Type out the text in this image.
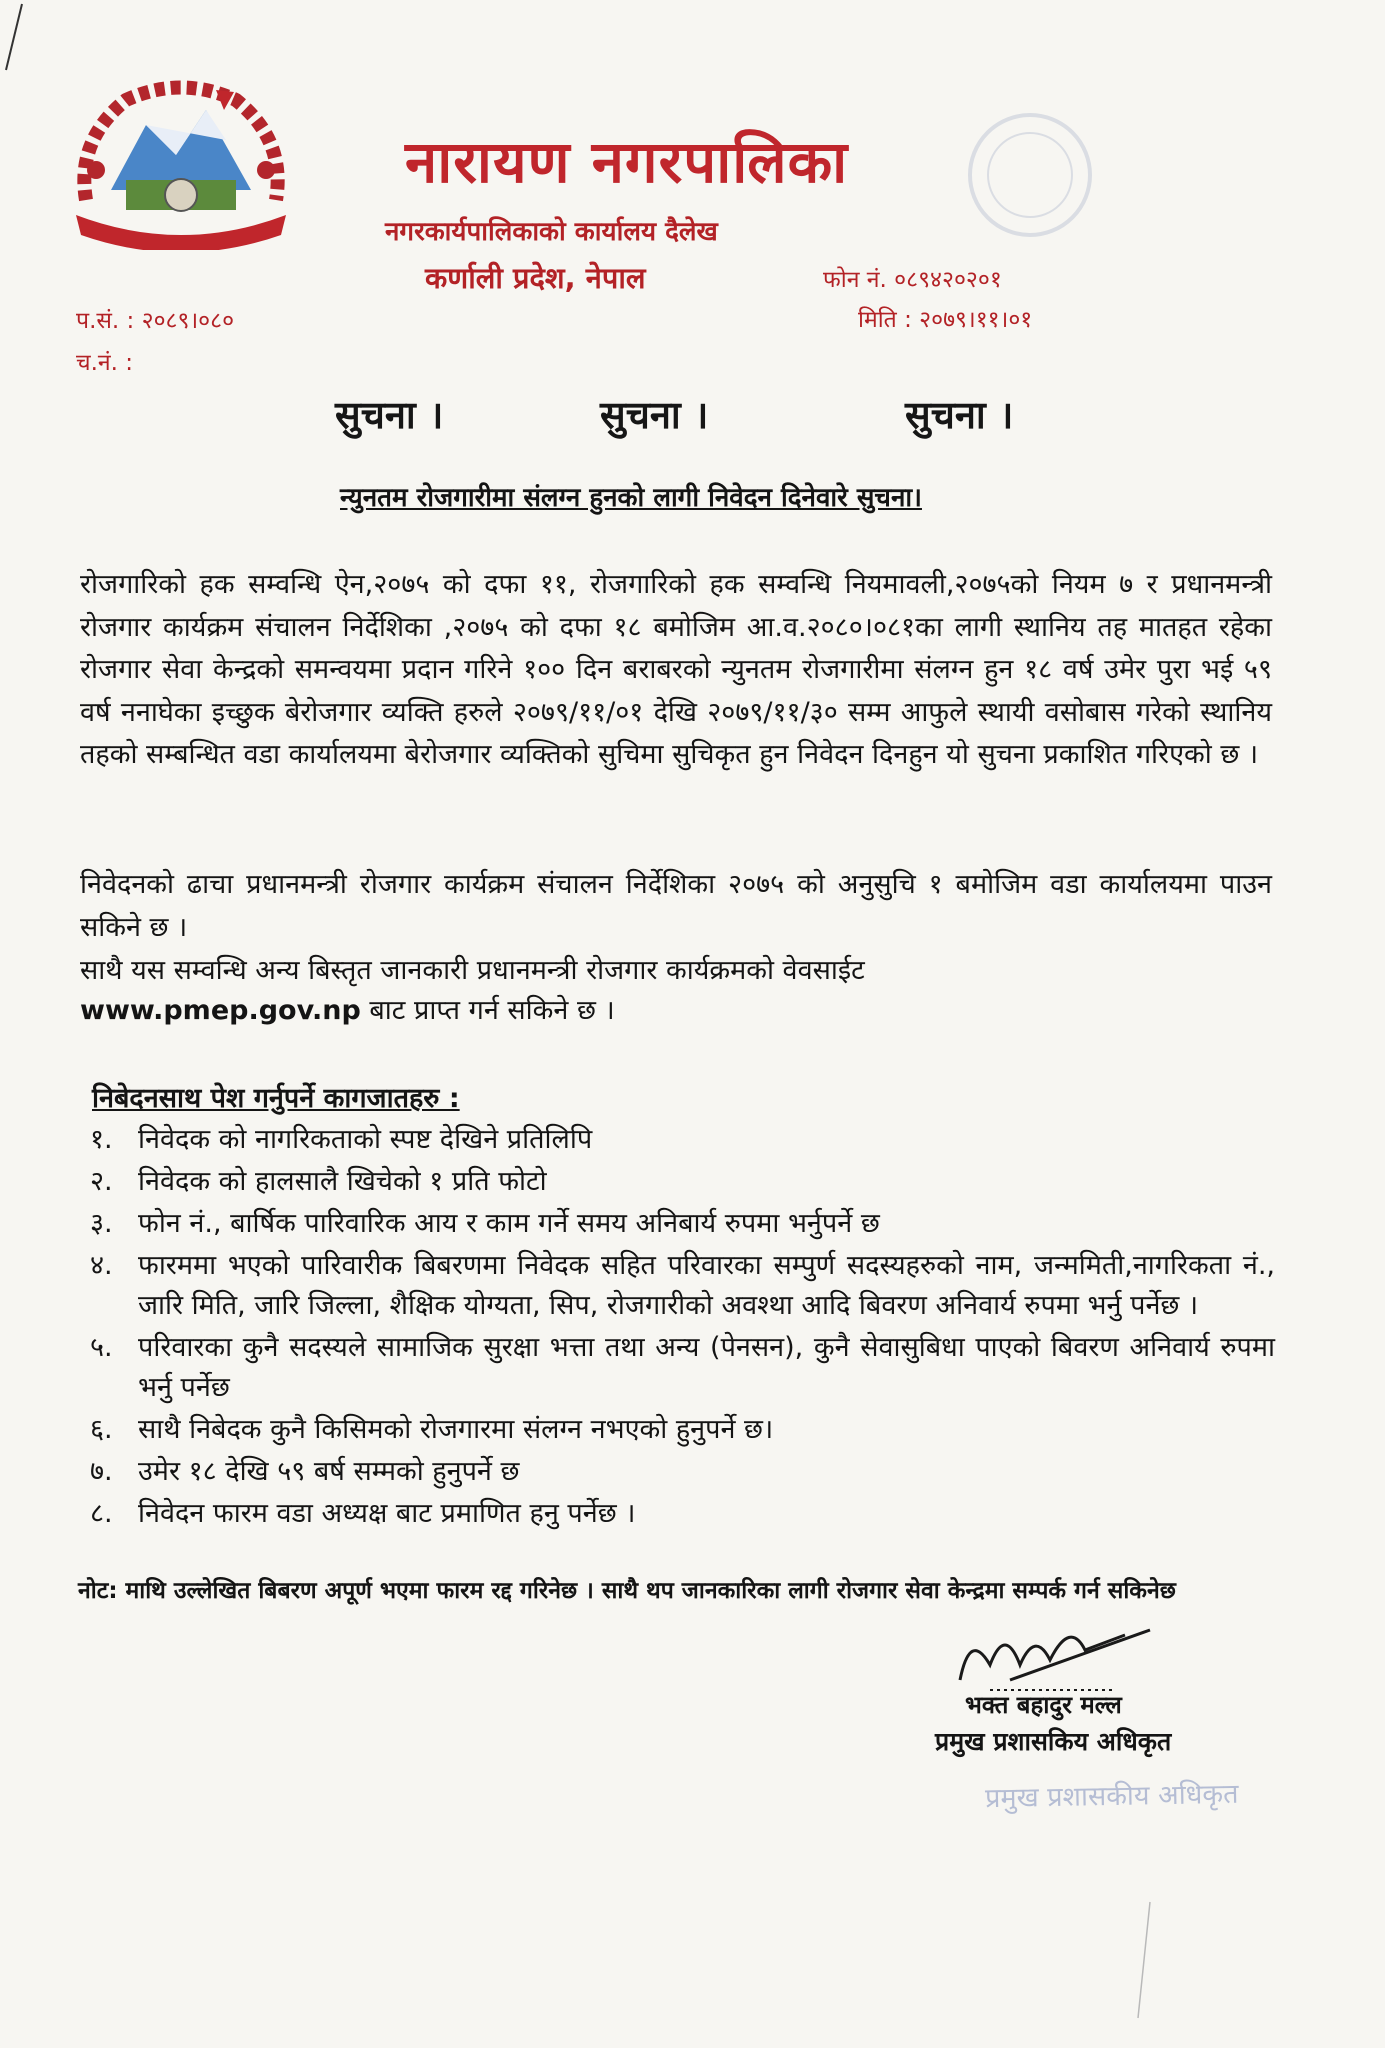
नारायण नगरपालिका
नगरकार्यपालिकाको कार्यालय दैलेख
कर्णाली प्रदेश, नेपाल	फोन नं. ०८९४२०२०१
मिति : २०७९।११।०१
प.सं. : २०८९।०८०
च.नं. :
सुचना ।	सुचना ।	सुचना ।
न्युनतम रोजगारीमा संलग्न हुनको लागी निवेदन दिनेवारे सुचना।
रोजगारिको हक सम्वन्धि ऐन,२०७५ को दफा ११, रोजगारिको हक सम्वन्धि नियमावली,२०७५को नियम ७ र प्रधानमन्त्री रोजगार कार्यक्रम संचालन निर्देशिका ,२०७५ को दफा १८ बमोजिम आ.व.२०८०।०८१का लागी स्थानिय तह मातहत रहेका रोजगार सेवा केन्द्रको समन्वयमा प्रदान गरिने १०० दिन बराबरको न्युनतम रोजगारीमा संलग्न हुन १८ वर्ष उमेर पुरा भई ५९ वर्ष ननाघेका इच्छुक बेरोजगार व्यक्ति हरुले २०७९/११/०१ देखि २०७९/११/३० सम्म आफुले स्थायी वसोबास गरेको स्थानिय तहको सम्बन्धित वडा कार्यालयमा बेरोजगार व्यक्तिको सुचिमा सुचिकृत हुन निवेदन दिनहुन यो सुचना प्रकाशित गरिएको छ ।
निवेदनको ढाचा प्रधानमन्त्री रोजगार कार्यक्रम संचालन निर्देशिका २०७५ को अनुसुचि १ बमोजिम वडा कार्यालयमा पाउन सकिने छ ।
साथै यस सम्वन्धि अन्य बिस्तृत जानकारी प्रधानमन्त्री रोजगार कार्यक्रमको वेवसाईट
www.pmep.gov.np बाट प्राप्त गर्न सकिने छ ।
निबेदनसाथ पेश गर्नुपर्ने कागजातहरु :
१. निवेदक को नागरिकताको स्पष्ट देखिने प्रतिलिपि
२. निवेदक को हालसालै खिचेको १ प्रति फोटो
३. फोन नं., बार्षिक पारिवारिक आय र काम गर्ने समय अनिबार्य रुपमा भर्नुपर्ने छ
४. फारममा भएको पारिवारीक बिबरणमा निवेदक सहित परिवारका सम्पुर्ण सदस्यहरुको नाम, जन्ममिती,नागरिकता नं., जारि मिति, जारि जिल्ला, शैक्षिक योग्यता, सिप, रोजगारीको अवश्था आदि बिवरण अनिवार्य रुपमा भर्नु पर्नेछ ।
५. परिवारका कुनै सदस्यले सामाजिक सुरक्षा भत्ता तथा अन्य (पेनसन), कुनै सेवासुबिधा पाएको बिवरण अनिवार्य रुपमा भर्नु पर्नेछ
६. साथै निबेदक कुनै किसिमको रोजगारमा संलग्न नभएको हुनुपर्ने छ।
७. उमेर १८ देखि ५९ बर्ष सम्मको हुनुपर्ने छ
८. निवेदन फारम वडा अध्यक्ष बाट प्रमाणित हनु पर्नेछ ।
नोट: माथि उल्लेखित बिबरण अपूर्ण भएमा फारम रद्द गरिनेछ । साथै थप जानकारिका लागी रोजगार सेवा केन्द्रमा सम्पर्क गर्न सकिनेछ
भक्त बहादुर मल्ल
प्रमुख प्रशासकिय अधिकृत
प्रमुख प्रशासकीय अधिकृत
